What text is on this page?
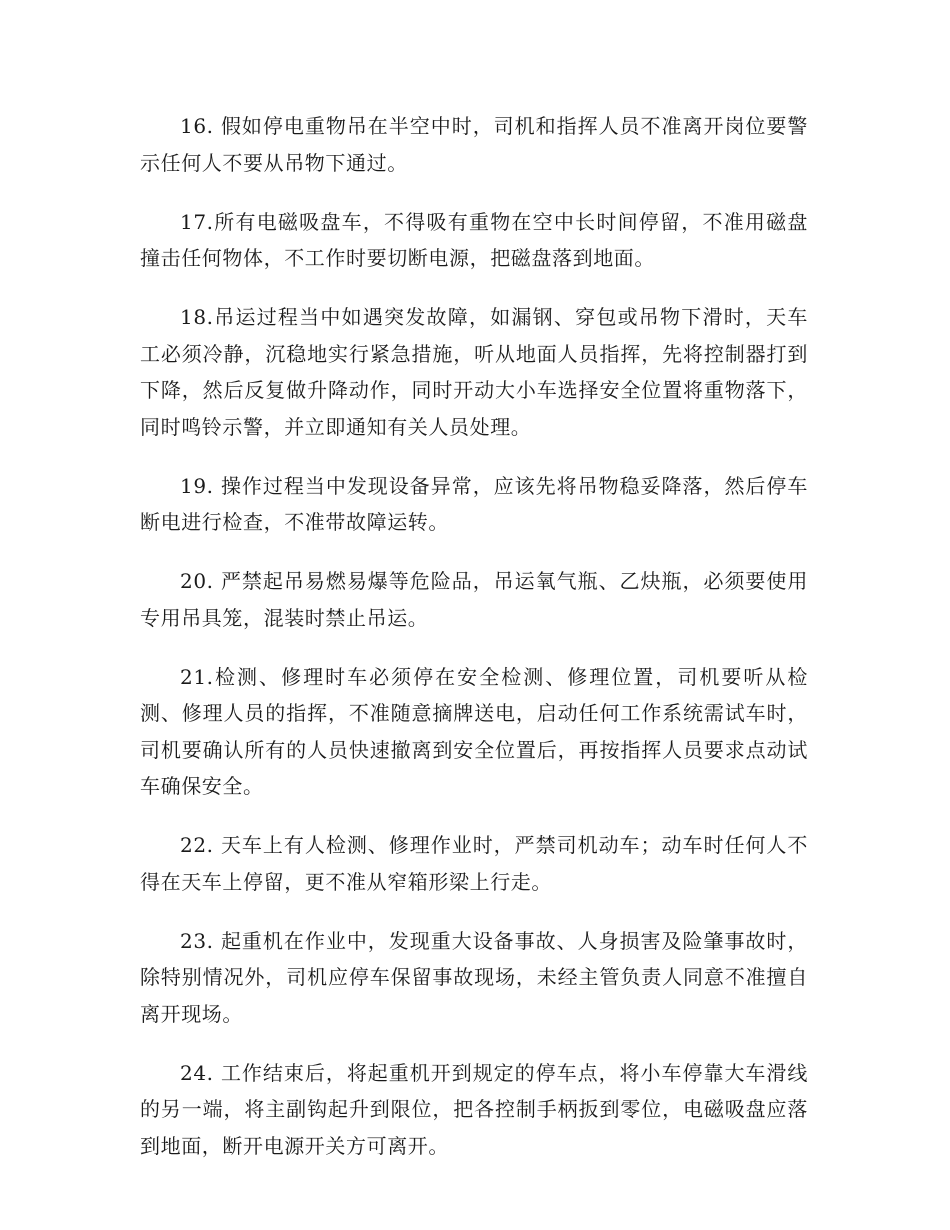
16. 假如停电重物吊在半空中时，司机和指挥人员不准离开岗位要警示任何人不要从吊物下通过。

17.所有电磁吸盘车，不得吸有重物在空中长时间停留，不准用磁盘撞击任何物体，不工作时要切断电源，把磁盘落到地面。

18.吊运过程当中如遇突发故障，如漏钢、穿包或吊物下滑时，天车工必须冷静，沉稳地实行紧急措施，听从地面人员指挥，先将控制器打到下降，然后反复做升降动作，同时开动大小车选择安全位置将重物落下，同时鸣铃示警，并立即通知有关人员处理。

19. 操作过程当中发现设备异常，应该先将吊物稳妥降落，然后停车断电进行检查，不准带故障运转。

20. 严禁起吊易燃易爆等危险品，吊运氧气瓶、乙炔瓶，必须要使用专用吊具笼，混装时禁止吊运。

21.检测、修理时车必须停在安全检测、修理位置，司机要听从检测、修理人员的指挥，不准随意摘牌送电，启动任何工作系统需试车时，司机要确认所有的人员快速撤离到安全位置后，再按指挥人员要求点动试车确保安全。

22. 天车上有人检测、修理作业时，严禁司机动车；动车时任何人不得在天车上停留，更不准从窄箱形梁上行走。

23. 起重机在作业中，发现重大设备事故、人身损害及险肇事故时，除特别情况外，司机应停车保留事故现场，未经主管负责人同意不准擅自离开现场。

24. 工作结束后，将起重机开到规定的停车点，将小车停靠大车滑线的另一端，将主副钩起升到限位，把各控制手柄扳到零位，电磁吸盘应落到地面，断开电源开关方可离开。
